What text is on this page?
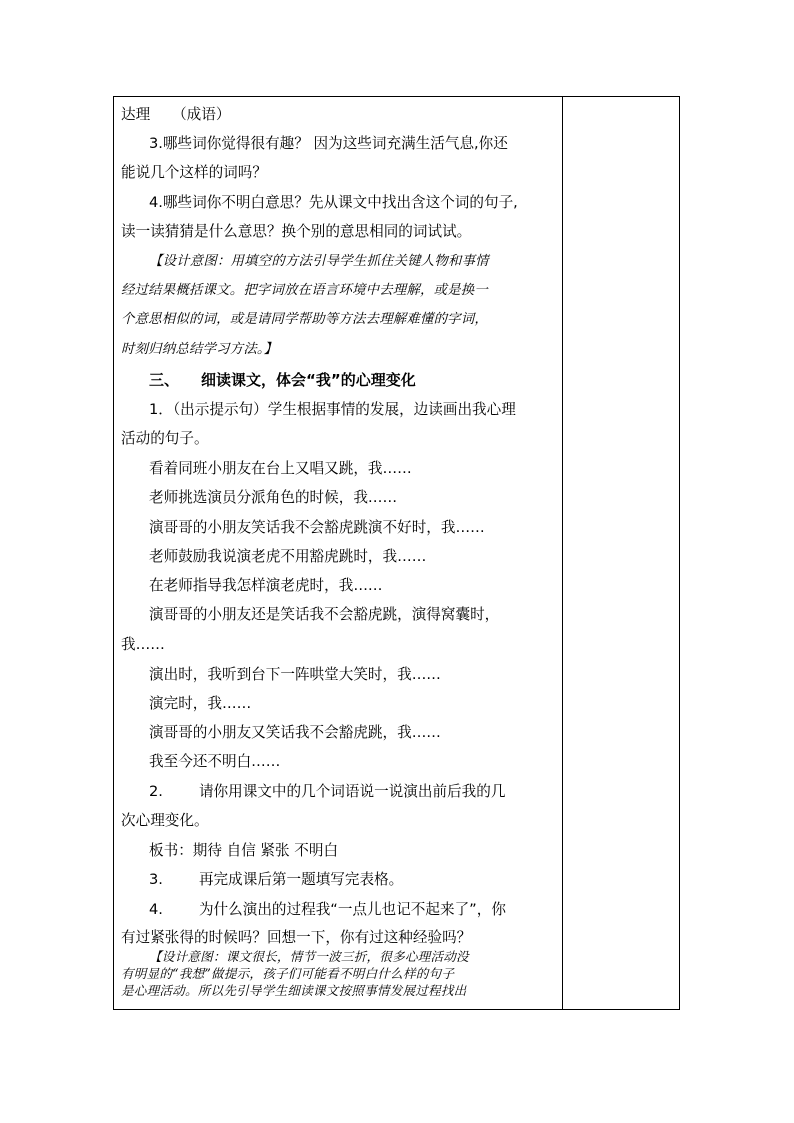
达理　　（成语）
3.哪些词你觉得很有趣？ 因为这些词充满生活气息,你还
能说几个这样的词吗？
4.哪些词你不明白意思？先从课文中找出含这个词的句子,
读一读猜猜是什么意思？换个别的意思相同的词试试。
【设计意图：用填空的方法引导学生抓住关键人物和事情
经过结果概括课文。把字词放在语言环境中去理解，或是换一
个意思相似的词，或是请同学帮助等方法去理解难懂的字词，
时刻归纳总结学习方法。】
三、 细读课文，体会“我”的心理变化
1．（出示提示句）学生根据事情的发展，边读画出我心理
活动的句子。
看着同班小朋友在台上又唱又跳，我……
老师挑选演员分派角色的时候，我……
演哥哥的小朋友笑话我不会豁虎跳演不好时，我……
老师鼓励我说演老虎不用豁虎跳时，我……
在老师指导我怎样演老虎时，我……
演哥哥的小朋友还是笑话我不会豁虎跳，演得窝囊时，
我……
演出时，我听到台下一阵哄堂大笑时，我……
演完时，我……
演哥哥的小朋友又笑话我不会豁虎跳，我……
我至今还不明白……
2. 请你用课文中的几个词语说一说演出前后我的几
次心理变化。
板书：期待 自信 紧张 不明白
3. 再完成课后第一题填写完表格。
4. 为什么演出的过程我“一点儿也记不起来了”，你
有过紧张得的时候吗？回想一下，你有过这种经验吗？
【设计意图：课文很长，情节一波三折，很多心理活动没
有明显的“我想”做提示，孩子们可能看不明白什么样的句子
是心理活动。所以先引导学生细读课文按照事情发展过程找出
